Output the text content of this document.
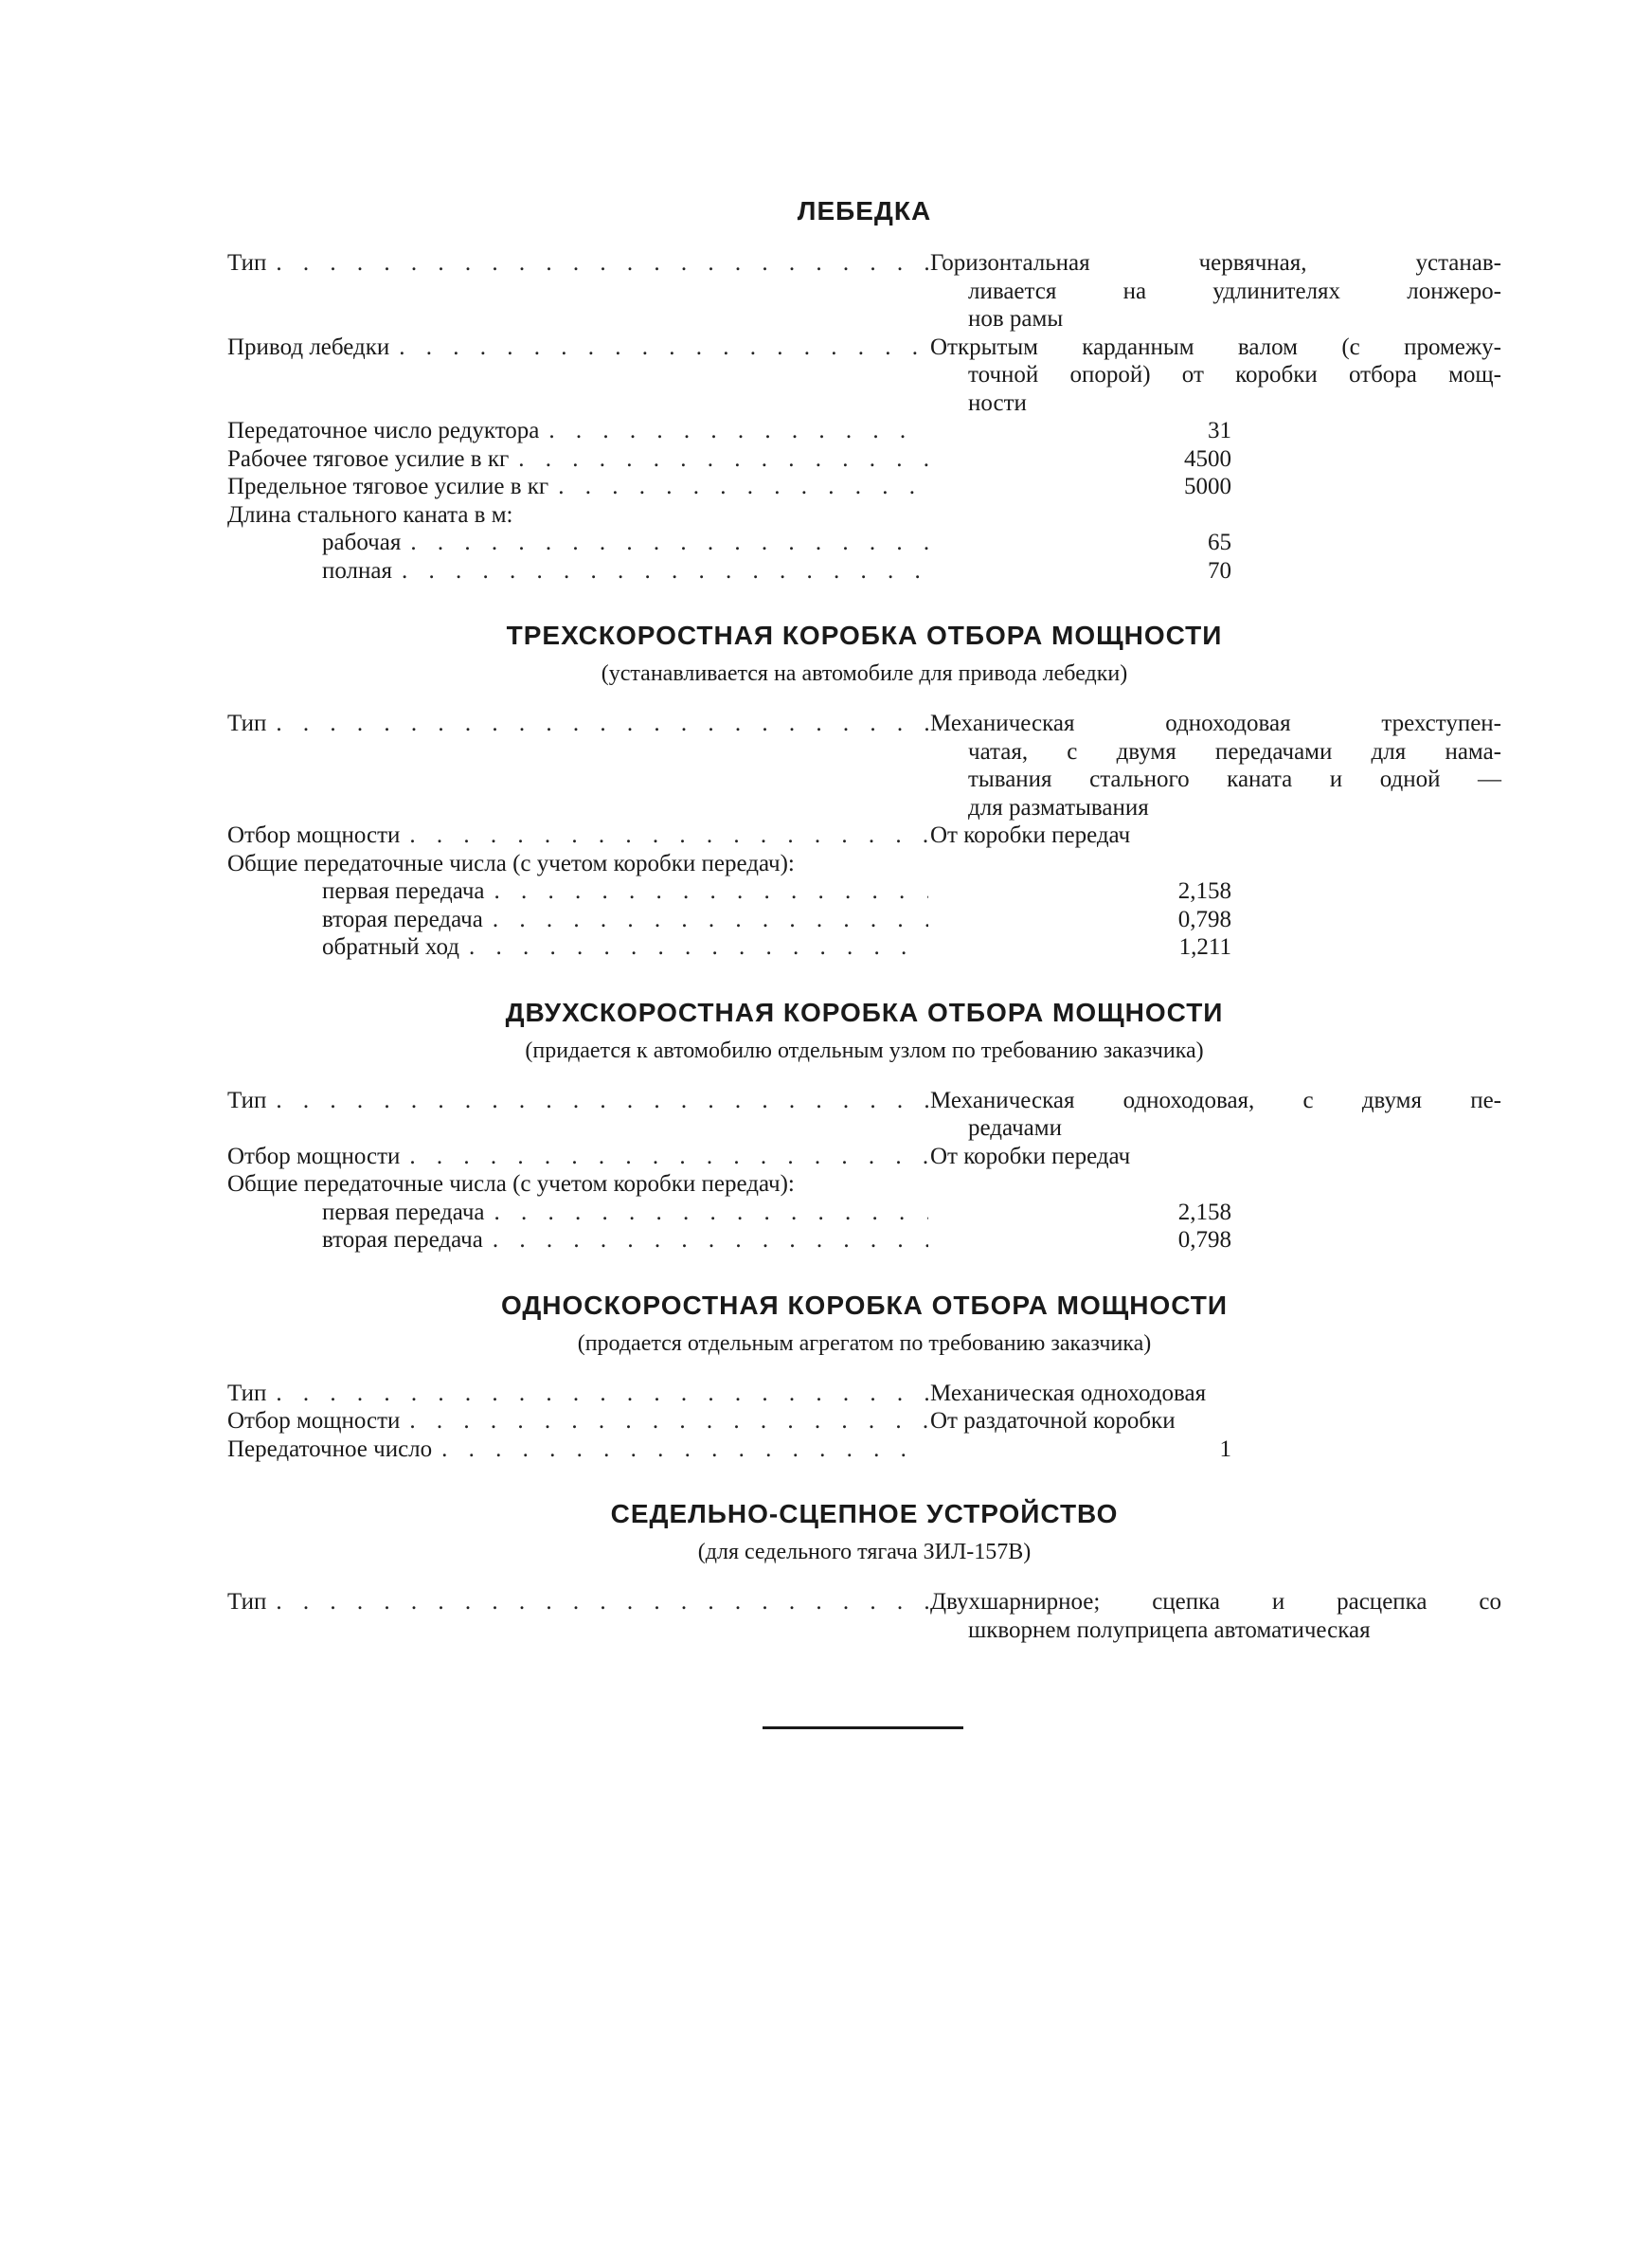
ЛЕБЕДКА
Тип . . .	Горизонтальная червячная, устанав-
ливается на удлинителях лонжеро-
нов рамы
Привод лебедки . . .	Открытым карданным валом (с промежу-
точной опорой) от коробки отбора мощ-
ности
Передаточное число редуктора . . .	31
Рабочее тяговое усилие в кг . . .	4500
Предельное тяговое усилие в кг . . .	5000
Длина стального каната в м:
рабочая . . .	65
полная . . .	70
ТРЕХСКОРОСТНАЯ КОРОБКА ОТБОРА МОЩНОСТИ
(устанавливается на автомобиле для привода лебедки)
Тип . . .	Механическая одноходовая трехступен-
чатая, с двумя передачами для нама-
тывания стального каната и одной —
для разматывания
Отбор мощности . . .	От коробки передач
Общие передаточные числа (с учетом коробки передач):
первая передача . . .	2,158
вторая передача . . .	0,798
обратный ход . . .	1,211
ДВУХСКОРОСТНАЯ КОРОБКА ОТБОРА МОЩНОСТИ
(придается к автомобилю отдельным узлом по требованию заказчика)
Тип . . .	Механическая одноходовая, с двумя пе-
редачами
Отбор мощности . . .	От коробки передач
Общие передаточные числа (с учетом коробки передач):
первая передача . . .	2,158
вторая передача . . .	0,798
ОДНОСКОРОСТНАЯ КОРОБКА ОТБОРА МОЩНОСТИ
(продается отдельным агрегатом по требованию заказчика)
Тип . . .	Механическая одноходовая
Отбор мощности . . .	От раздаточной коробки
Передаточное число . . .	1
СЕДЕЛЬНО-СЦЕПНОЕ УСТРОЙСТВО
(для седельного тягача ЗИЛ-157В)
Тип . . .	Двухшарнирное; сцепка и расцепка со
шкворнем полуприцепа автоматическая
